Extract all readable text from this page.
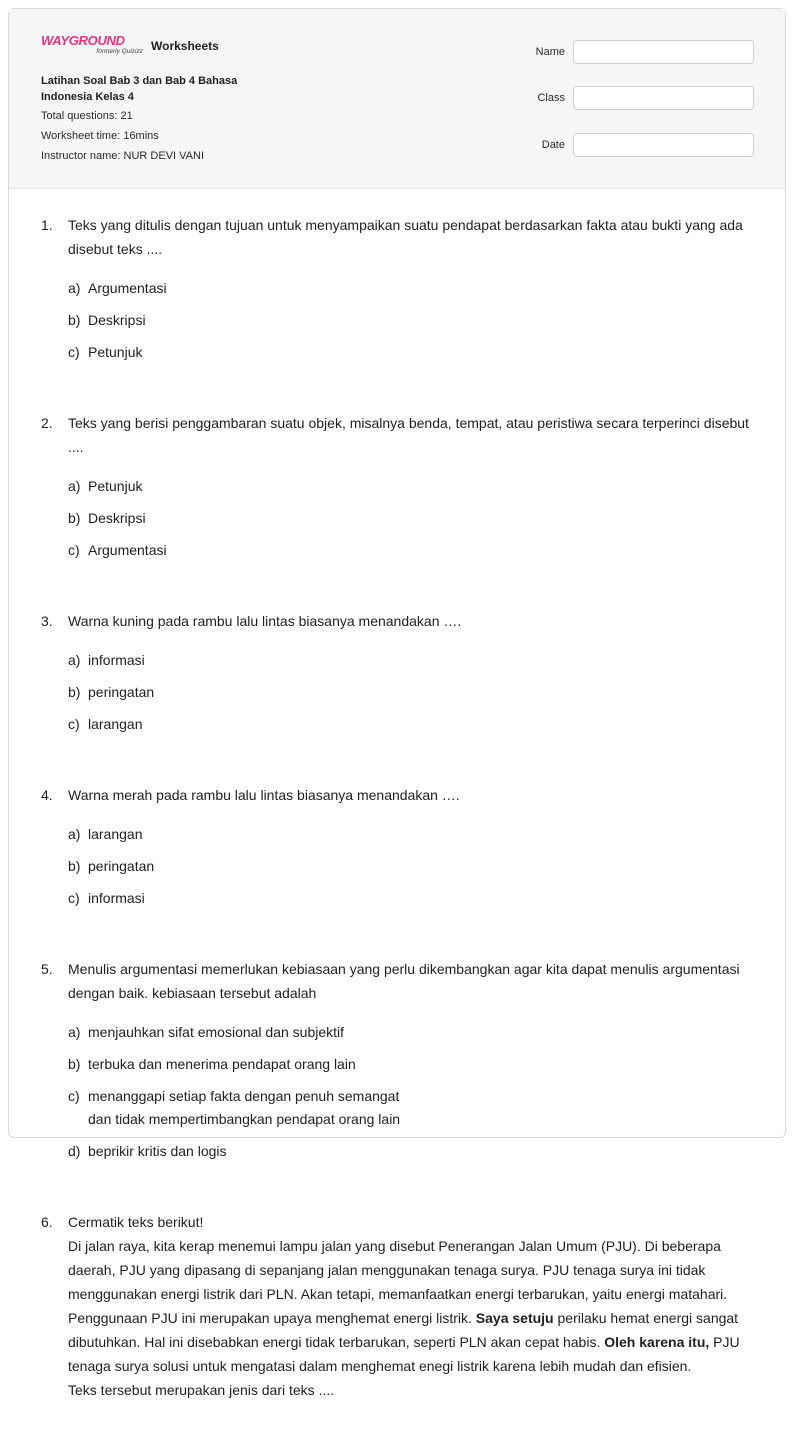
WAYGROUND
formerly Quizizz Worksheets
Latihan Soal Bab 3 dan Bab 4 Bahasa Indonesia Kelas 4
Total questions: 21
Worksheet time: 16mins
Instructor name: NUR DEVI VANI
Name
Class
Date
1.	Teks yang ditulis dengan tujuan untuk menyampaikan suatu pendapat berdasarkan fakta atau bukti yang ada disebut teks ....
a) Argumentasi
b) Deskripsi
c) Petunjuk
2.	Teks yang berisi penggambaran suatu objek, misalnya benda, tempat, atau peristiwa secara terperinci disebut ....
a) Petunjuk
b) Deskripsi
c) Argumentasi
3.	Warna kuning pada rambu lalu lintas biasanya menandakan ….
a) informasi
b) peringatan
c) larangan
4.	Warna merah pada rambu lalu lintas biasanya menandakan ….
a) larangan
b) peringatan
c) informasi
5.	Menulis argumentasi memerlukan kebiasaan yang perlu dikembangkan agar kita dapat menulis argumentasi dengan baik. kebiasaan tersebut adalah
a) menjauhkan sifat emosional dan subjektif
b) terbuka dan menerima pendapat orang lain
c) menanggapi setiap fakta dengan penuh semangat dan tidak mempertimbangkan pendapat orang lain
d) beprikir kritis dan logis
6.	Cermatik teks berikut!
Di jalan raya, kita kerap menemui lampu jalan yang disebut Penerangan Jalan Umum (PJU). Di beberapa daerah, PJU yang dipasang di sepanjang jalan menggunakan tenaga surya. PJU tenaga surya ini tidak menggunakan energi listrik dari PLN. Akan tetapi, memanfaatkan energi terbarukan, yaitu energi matahari. Penggunaan PJU ini merupakan upaya menghemat energi listrik. Saya setuju perilaku hemat energi sangat dibutuhkan. Hal ini disebabkan energi tidak terbarukan, seperti PLN akan cepat habis. Oleh karena itu, PJU tenaga surya solusi untuk mengatasi dalam menghemat enegi listrik karena lebih mudah dan efisien.
Teks tersebut merupakan jenis dari teks ....
